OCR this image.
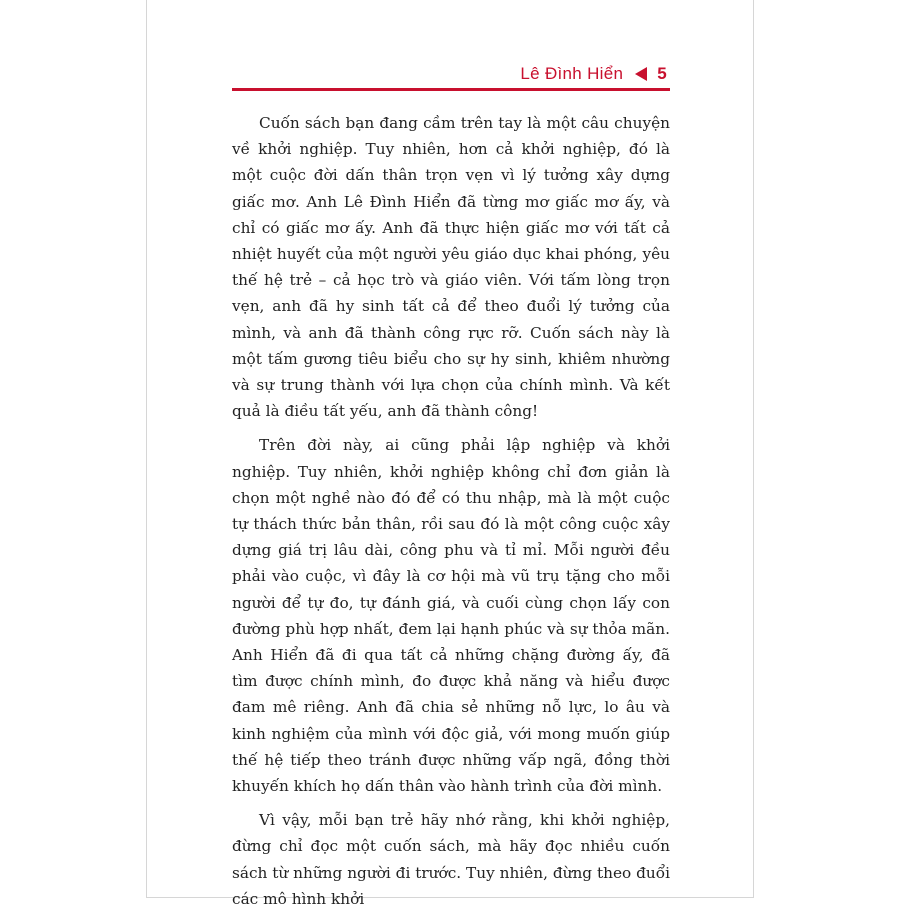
Lê Đình Hiển 5

Cuốn sách bạn đang cầm trên tay là một câu chuyện về khởi nghiệp. Tuy nhiên, hơn cả khởi nghiệp, đó là một cuộc đời dấn thân trọn vẹn vì lý tưởng xây dựng giấc mơ. Anh Lê Đình Hiển đã từng mơ giấc mơ ấy, và chỉ có giấc mơ ấy. Anh đã thực hiện giấc mơ với tất cả nhiệt huyết của một người yêu giáo dục khai phóng, yêu thế hệ trẻ – cả học trò và giáo viên. Với tấm lòng trọn vẹn, anh đã hy sinh tất cả để theo đuổi lý tưởng của mình, và anh đã thành công rực rỡ. Cuốn sách này là một tấm gương tiêu biểu cho sự hy sinh, khiêm nhường và sự trung thành với lựa chọn của chính mình. Và kết quả là điều tất yếu, anh đã thành công!

Trên đời này, ai cũng phải lập nghiệp và khởi nghiệp. Tuy nhiên, khởi nghiệp không chỉ đơn giản là chọn một nghề nào đó để có thu nhập, mà là một cuộc tự thách thức bản thân, rồi sau đó là một công cuộc xây dựng giá trị lâu dài, công phu và tỉ mỉ. Mỗi người đều phải vào cuộc, vì đây là cơ hội mà vũ trụ tặng cho mỗi người để tự đo, tự đánh giá, và cuối cùng chọn lấy con đường phù hợp nhất, đem lại hạnh phúc và sự thỏa mãn. Anh Hiển đã đi qua tất cả những chặng đường ấy, đã tìm được chính mình, đo được khả năng và hiểu được đam mê riêng. Anh đã chia sẻ những nỗ lực, lo âu và kinh nghiệm của mình với độc giả, với mong muốn giúp thế hệ tiếp theo tránh được những vấp ngã, đồng thời khuyến khích họ dấn thân vào hành trình của đời mình.

Vì vậy, mỗi bạn trẻ hãy nhớ rằng, khi khởi nghiệp, đừng chỉ đọc một cuốn sách, mà hãy đọc nhiều cuốn sách từ những người đi trước. Tuy nhiên, đừng theo đuổi các mô hình khởi
